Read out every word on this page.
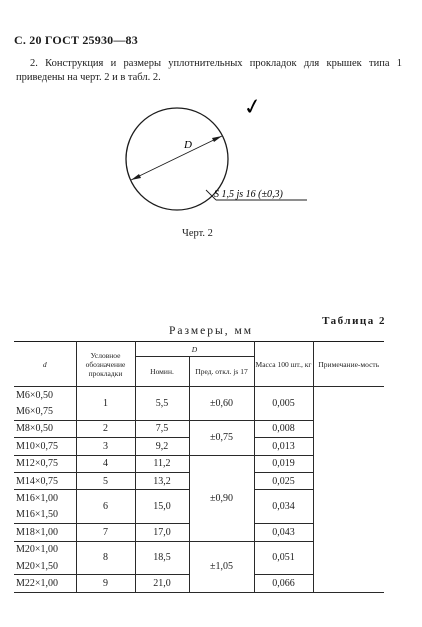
С. 20 ГОСТ 25930—83
2. Конструкция и размеры уплотнительных прокладок для крышек типа 1
приведены на черт. 2 и в табл. 2.
D
S 1,5 js 16 (±0,3)
✓
Черт. 2
Таблица 2
Размеры, мм
d	Условное обозначение прокладки	D		Масса 100 шт., кг	Примечание-мость
		Номин.	Пред. откл. js 17		
М6×0,50	1	5,5	±0,60	0,005	
М6×0,75					
М8×0,50	2	7,5	±0,75	0,008	
М10×0,75	3	9,2		0,013	
М12×0,75	4	11,2	±0,90	0,019	
М14×0,75	5	13,2		0,025	
М16×1,00	6	15,0		0,034	
М16×1,50					
М18×1,00	7	17,0		0,043	
М20×1,00	8	18,5	±1,05	0,051	
М20×1,50					
М22×1,00	9	21,0		0,066	
